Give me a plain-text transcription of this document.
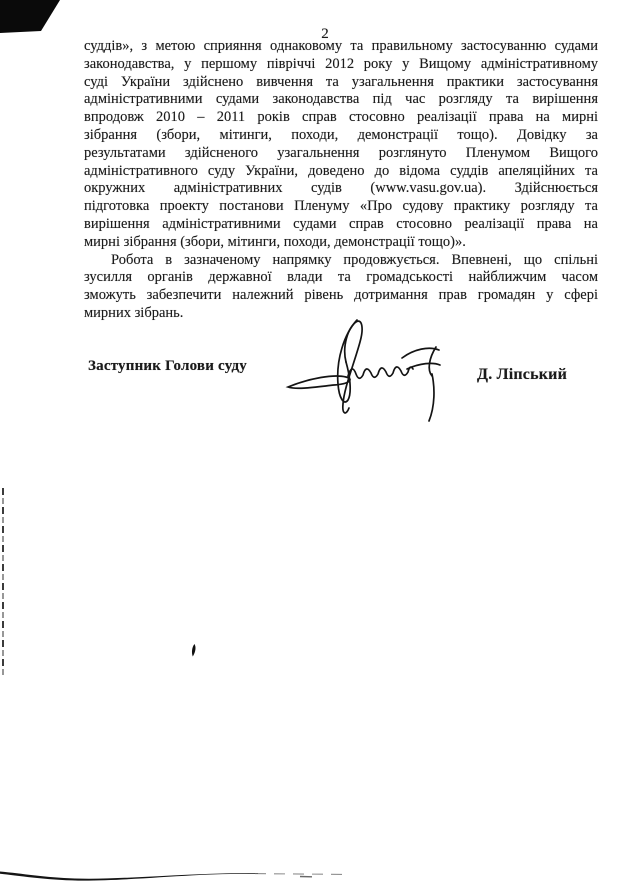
2
суддів», з метою сприяння однаковому та правильному застосуванню судами
законодавства, у першому півріччі 2012 року у Вищому адміністративному
суді України здійснено вивчення та узагальнення практики застосування
адміністративними судами законодавства під час розгляду та вирішення
впродовж 2010 – 2011 років справ стосовно реалізації права на мирні
зібрання (збори, мітинги, походи, демонстрації тощо). Довідку за
результатами здійсненого узагальнення розглянуто Пленумом Вищого
адміністративного суду України, доведено до відома суддів апеляційних та
окружних адміністративних судів (www.vasu.gov.ua). Здійснюється
підготовка проекту постанови Пленуму «Про судову практику розгляду та
вирішення адміністративними судами справ стосовно реалізації права на
мирні зібрання (збори, мітинги, походи, демонстрації тощо)».
Робота в зазначеному напрямку продовжується. Впевнені, що спільні
зусилля органів державної влади та громадськості найближчим часом
зможуть забезпечити належний рівень дотримання прав громадян у сфері
мирних зібрань.
Заступник Голови суду	Д. Ліпський
